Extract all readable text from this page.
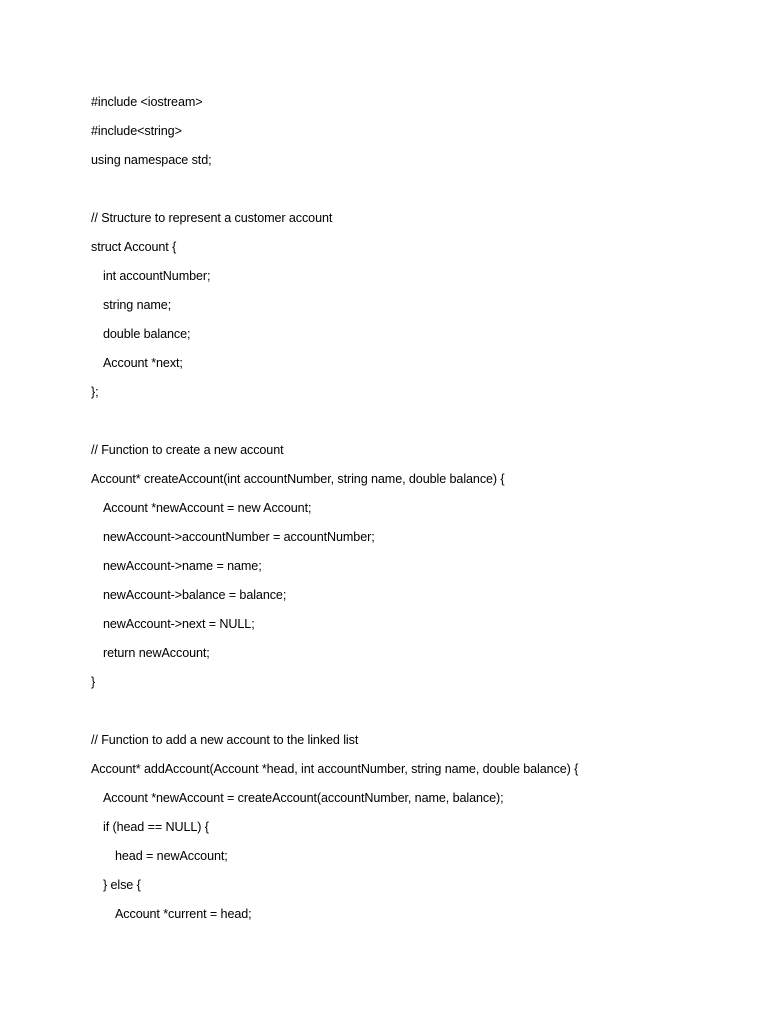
#include <iostream>
#include<string>
using namespace std;
// Structure to represent a customer account
struct Account {
int accountNumber;
string name;
double balance;
Account *next;
};
// Function to create a new account
Account* createAccount(int accountNumber, string name, double balance) {
Account *newAccount = new Account;
newAccount->accountNumber = accountNumber;
newAccount->name = name;
newAccount->balance = balance;
newAccount->next = NULL;
return newAccount;
}
// Function to add a new account to the linked list
Account* addAccount(Account *head, int accountNumber, string name, double balance) {
Account *newAccount = createAccount(accountNumber, name, balance);
if (head == NULL) {
head = newAccount;
} else {
Account *current = head;
